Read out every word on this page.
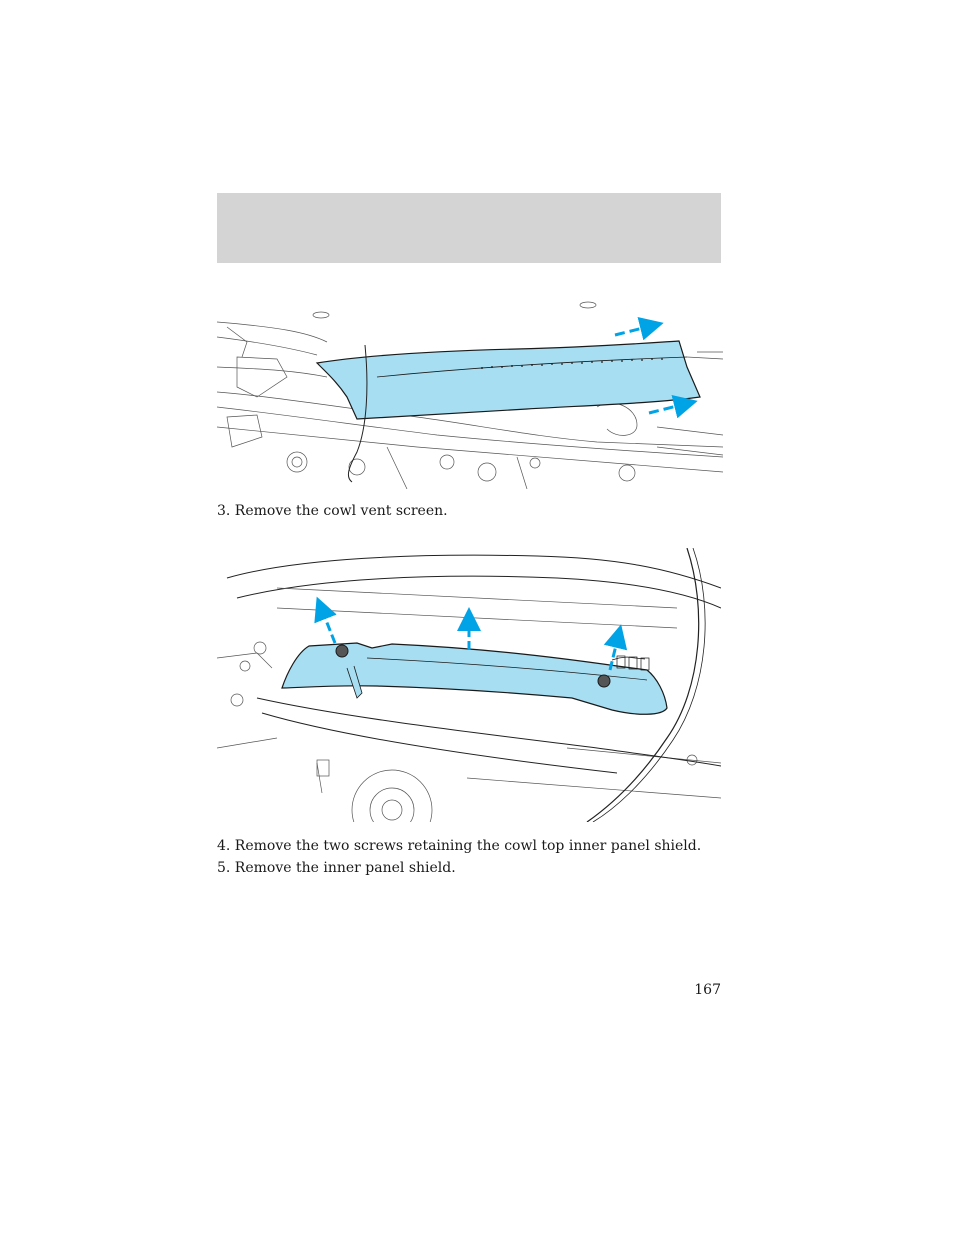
3. Remove the cowl vent screen.
4. Remove the two screws retaining the cowl top inner panel shield.
5. Remove the inner panel shield.
167
